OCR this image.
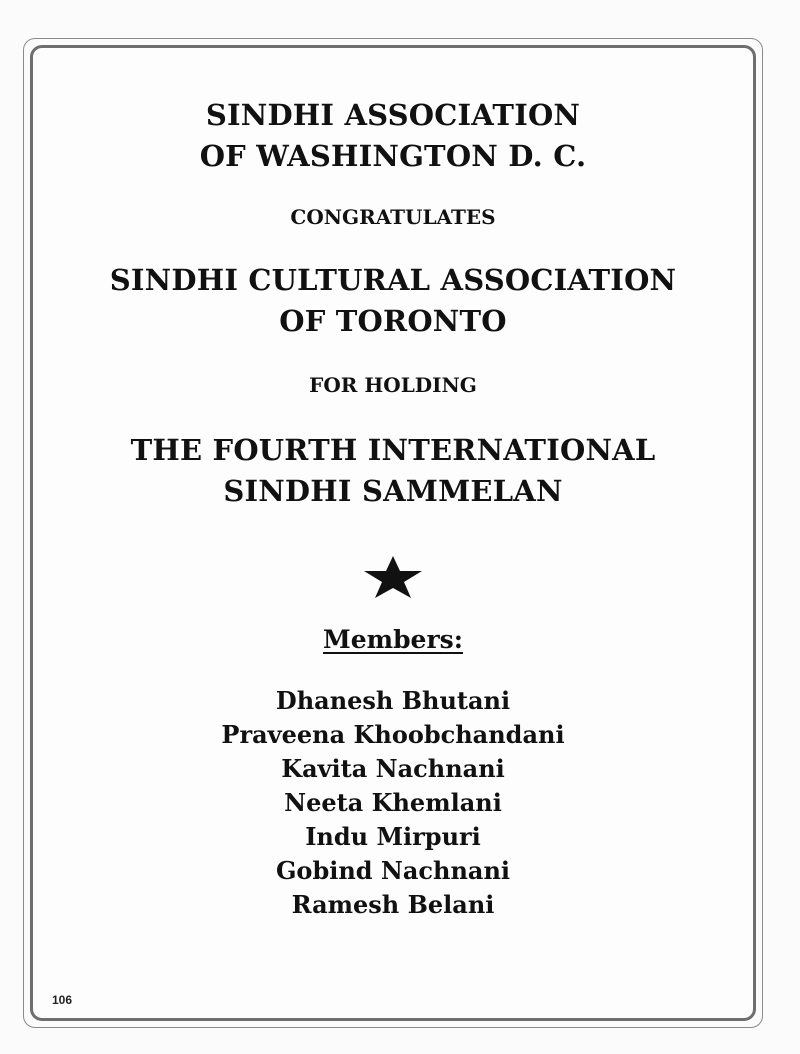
SINDHI ASSOCIATION
OF WASHINGTON D. C.
CONGRATULATES
SINDHI CULTURAL ASSOCIATION
OF TORONTO
FOR HOLDING
THE FOURTH INTERNATIONAL
SINDHI SAMMELAN
Members:
Dhanesh Bhutani
Praveena Khoobchandani
Kavita Nachnani
Neeta Khemlani
Indu Mirpuri
Gobind Nachnani
Ramesh Belani
106
